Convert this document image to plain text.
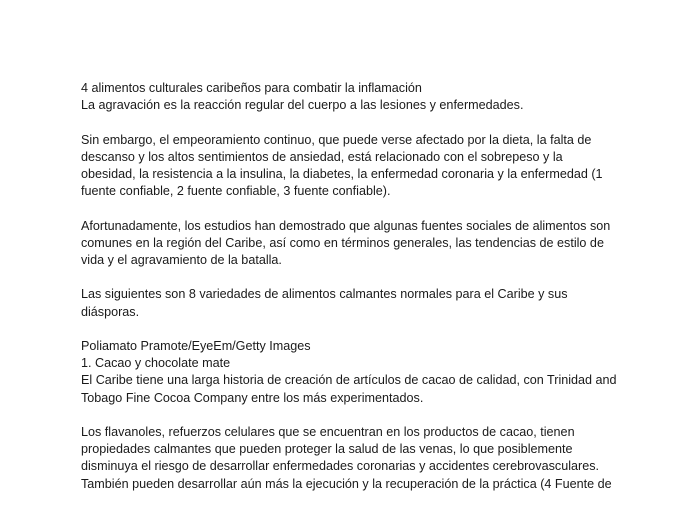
4 alimentos culturales caribeños para combatir la inflamación

La agravación es la reacción regular del cuerpo a las lesiones y enfermedades.

Sin embargo, el empeoramiento continuo, que puede verse afectado por la dieta, la falta de
descanso y los altos sentimientos de ansiedad, está relacionado con el sobrepeso y la
obesidad, la resistencia a la insulina, la diabetes, la enfermedad coronaria y la enfermedad (1
fuente confiable, 2 fuente confiable, 3 fuente confiable).

Afortunadamente, los estudios han demostrado que algunas fuentes sociales de alimentos son
comunes en la región del Caribe, así como en términos generales, las tendencias de estilo de
vida y el agravamiento de la batalla.

Las siguientes son 8 variedades de alimentos calmantes normales para el Caribe y sus
diásporas.

Poliamato Pramote/EyeEm/Getty Images

1. Cacao y chocolate mate

El Caribe tiene una larga historia de creación de artículos de cacao de calidad, con Trinidad and
Tobago Fine Cocoa Company entre los más experimentados.

Los flavanoles, refuerzos celulares que se encuentran en los productos de cacao, tienen
propiedades calmantes que pueden proteger la salud de las venas, lo que posiblemente
disminuya el riesgo de desarrollar enfermedades coronarias y accidentes cerebrovasculares.
También pueden desarrollar aún más la ejecución y la recuperación de la práctica (4 Fuente de
